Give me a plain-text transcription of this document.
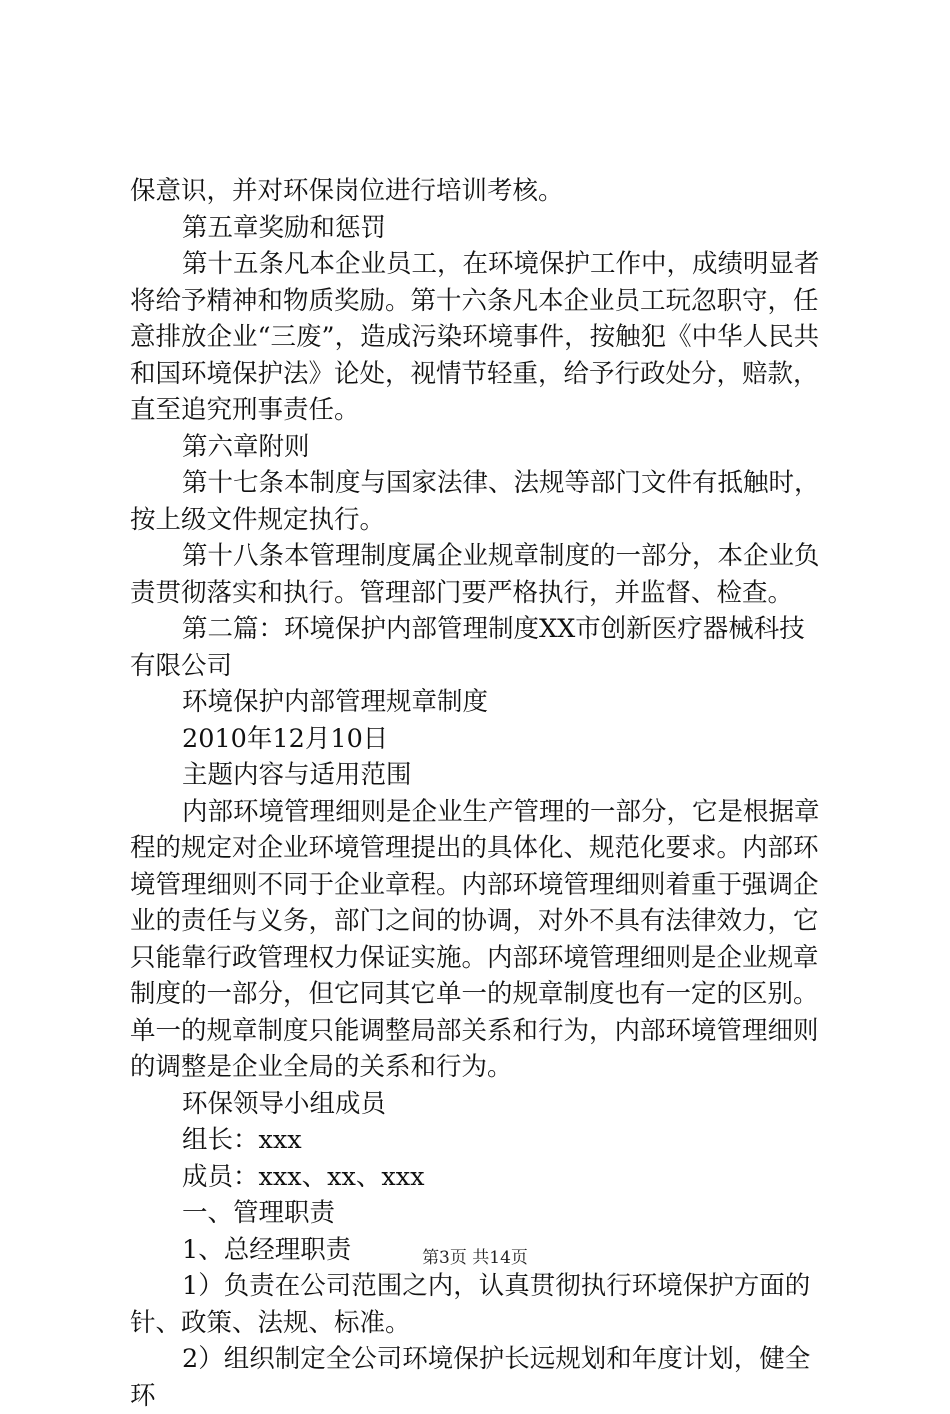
保意识，并对环保岗位进行培训考核。

第五章奖励和惩罚

第十五条凡本企业员工，在环境保护工作中，成绩明显者将给予精神和物质奖励。第十六条凡本企业员工玩忽职守，任意排放企业“三废”，造成污染环境事件，按触犯《中华人民共和国环境保护法》论处，视情节轻重，给予行政处分，赔款，直至追究刑事责任。

第六章附则

第十七条本制度与国家法律、法规等部门文件有抵触时，按上级文件规定执行。

第十八条本管理制度属企业规章制度的一部分，本企业负责贯彻落实和执行。管理部门要严格执行，并监督、检查。

第二篇：环境保护内部管理制度XX市创新医疗器械科技有限公司

环境保护内部管理规章制度

2010年12月10日

主题内容与适用范围

内部环境管理细则是企业生产管理的一部分，它是根据章程的规定对企业环境管理提出的具体化、规范化要求。内部环境管理细则不同于企业章程。内部环境管理细则着重于强调企业的责任与义务，部门之间的协调，对外不具有法律效力，它只能靠行政管理权力保证实施。内部环境管理细则是企业规章制度的一部分，但它同其它单一的规章制度也有一定的区别。单一的规章制度只能调整局部关系和行为，内部环境管理细则的调整是企业全局的关系和行为。

环保领导小组成员

组长：xxx

成员：xxx、xx、xxx

一、管理职责

1、总经理职责

1）负责在公司范围之内，认真贯彻执行环境保护方面的针、政策、法规、标准。

2）组织制定全公司环境保护长远规划和年度计划，健全环

第3页 共14页
